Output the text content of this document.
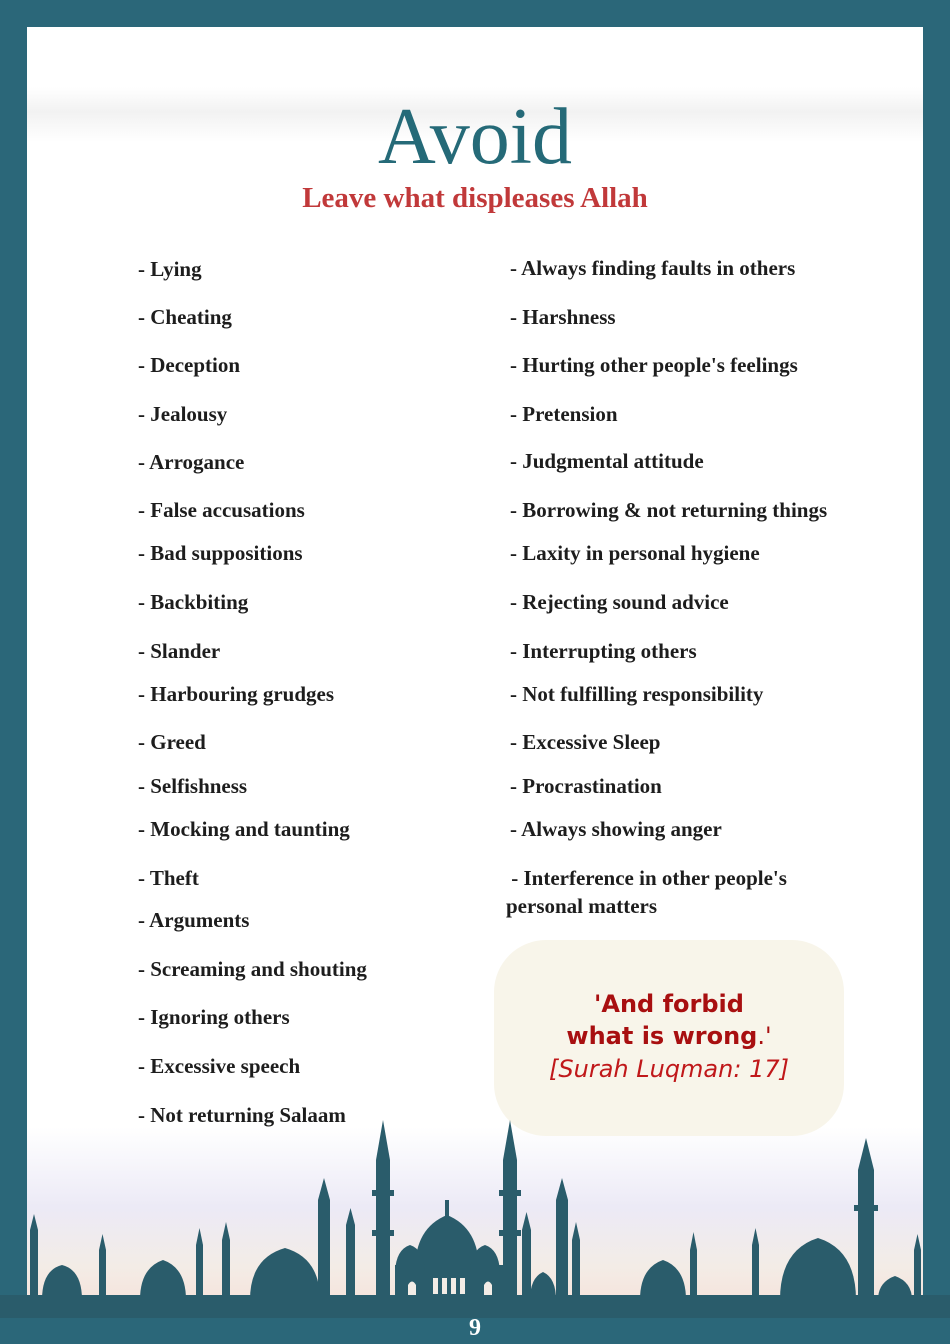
Avoid
Leave what displeases Allah
- Lying
- Cheating
- Deception
- Jealousy
- Arrogance
- False accusations
- Bad suppositions
- Backbiting
- Slander
- Harbouring grudges
- Greed
- Selfishness
- Mocking and taunting
- Theft
- Arguments
- Screaming and shouting
- Ignoring others
- Excessive speech
- Not returning Salaam
- Always finding faults in others
- Harshness
- Hurting other people's feelings
- Pretension
- Judgmental attitude
- Borrowing & not returning things
- Laxity in personal hygiene
- Rejecting sound advice
- Interrupting others
- Not fulfilling responsibility
- Excessive Sleep
- Procrastination
- Always showing anger
- Interference in other people's personal matters
'And forbid
what is wrong.'
[Surah Luqman: 17]
9
